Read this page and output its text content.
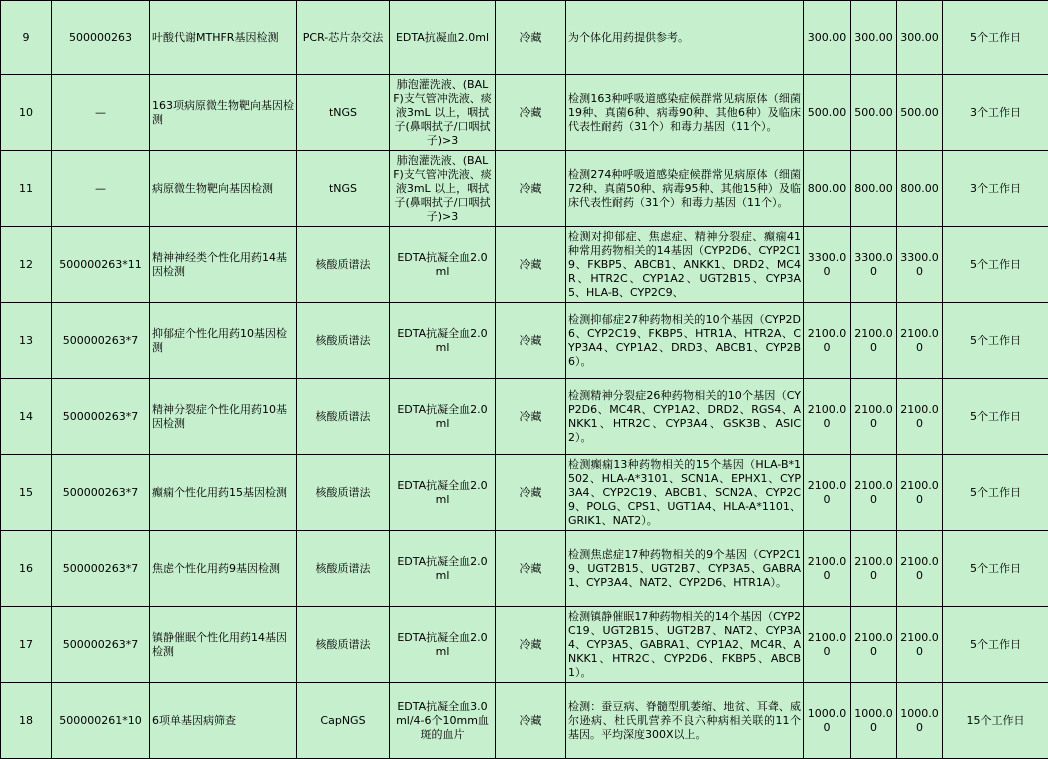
9	500000263	叶酸代谢MTHFR基因检测	PCR-芯片杂交法	EDTA抗凝血2.0ml	冷藏	为个体化用药提供参考。	300.00	300.00	300.00	5个工作日

10	—	163项病原微生物靶向基因检测	tNGS	肺泡灌洗液、(BALF)支气管冲洗液、痰液3mL 以上，咽拭子(鼻咽拭子/口咽拭子)>3	冷藏	检测163种呼吸道感染症候群常见病原体（细菌19种、真菌6种、病毒90种、其他6种）及临床代表性耐药（31个）和毒力基因（11个）。	500.00	500.00	500.00	3个工作日

11	—	病原微生物靶向基因检测	tNGS	肺泡灌洗液、(BALF)支气管冲洗液、痰液3mL 以上，咽拭子(鼻咽拭子/口咽拭子)>3	冷藏	检测274种呼吸道感染症候群常见病原体（细菌72种、真菌50种、病毒95种、其他15种）及临床代表性耐药（31个）和毒力基因（11个）。	800.00	800.00	800.00	3个工作日

12	500000263*11	精神神经类个性化用药14基因检测	核酸质谱法	EDTA抗凝全血2.0ml	冷藏	检测对抑郁症、焦虑症、精神分裂症、癫痫41种常用药物相关的14基因（CYP2D6、CYP2C19、FKBP5、ABCB1、ANKK1、DRD2、MC4R、HTR2C、CYP1A2、UGT2B15、CYP3A5、HLA-B、CYP2C9、	3300.00	3300.00	3300.00	5个工作日

13	500000263*7	抑郁症个性化用药10基因检测	核酸质谱法	EDTA抗凝全血2.0ml	冷藏	检测抑郁症27种药物相关的10个基因（CYP2D6、CYP2C19、FKBP5、HTR1A、HTR2A、CYP3A4、CYP1A2、DRD3、ABCB1、CYP2B6）。	2100.00	2100.00	2100.00	5个工作日

14	500000263*7	精神分裂症个性化用药10基因检测	核酸质谱法	EDTA抗凝全血2.0ml	冷藏	检测精神分裂症26种药物相关的10个基因（CYP2D6、MC4R、CYP1A2、DRD2、RGS4、ANKK1、HTR2C、CYP3A4、GSK3B、ASIC2）。	2100.00	2100.00	2100.00	5个工作日

15	500000263*7	癫痫个性化用药15基因检测	核酸质谱法	EDTA抗凝全血2.0ml	冷藏	检测癫痫13种药物相关的15个基因（HLA-B*1502、HLA-A*3101、SCN1A、EPHX1、CYP3A4、CYP2C19、ABCB1、SCN2A、CYP2C9、POLG、CPS1、UGT1A4、HLA-A*1101、GRIK1、NAT2）。	2100.00	2100.00	2100.00	5个工作日

16	500000263*7	焦虑个性化用药9基因检测	核酸质谱法	EDTA抗凝全血2.0ml	冷藏	检测焦虑症17种药物相关的9个基因（CYP2C19、UGT2B15、UGT2B7、CYP3A5、GABRA1、CYP3A4、NAT2、CYP2D6、HTR1A）。	2100.00	2100.00	2100.00	5个工作日

17	500000263*7	镇静催眠个性化用药14基因检测	核酸质谱法	EDTA抗凝全血2.0ml	冷藏	检测镇静催眠17种药物相关的14个基因（CYP2C19、UGT2B15、UGT2B7、NAT2、CYP3A4、CYP3A5、GABRA1、CYP1A2、MC4R、ANKK1、HTR2C、CYP2D6、FKBP5、ABCB1）。	2100.00	2100.00	2100.00	5个工作日

18	500000261*10	6项单基因病筛查	CapNGS	EDTA抗凝全血3.0ml/4-6个10mm血斑的血片	冷藏	检测：蚕豆病、脊髓型肌萎缩、地贫、耳聋、威尔逊病、杜氏肌营养不良六种病相关联的11个基因。平均深度300X以上。	1000.00	1000.00	1000.00	15个工作日
